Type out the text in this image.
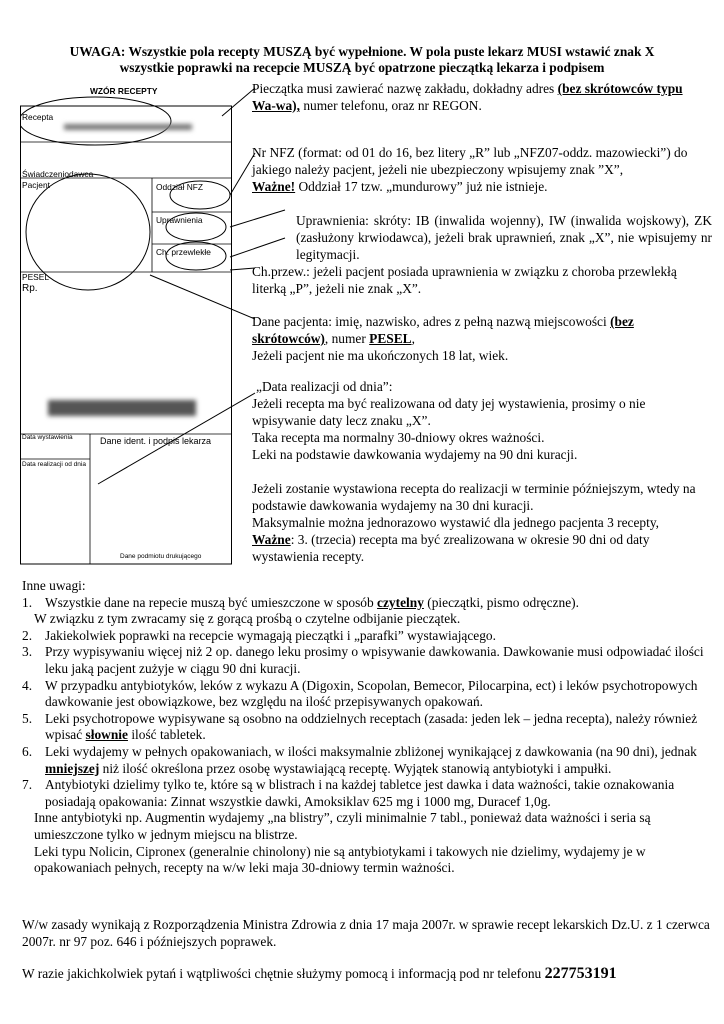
UWAGA: Wszystkie pola recepty MUSZĄ być wypełnione. W pola puste lekarz MUSI wstawić znak X
wszystkie poprawki na recepcie MUSZĄ być opatrzone pieczątką lekarza i podpisem
WZÓR RECEPTY
Recepta
Świadczeniodawca
Pacjent	Oddział NFZ
Uprawnienia
Ch. przewlekłe
PESEL
Rp.
Data wystawienia	Dane ident. i podpis lekarza
Data realizacji od dnia
Dane podmiotu drukującego
Pieczątka musi zawierać nazwę zakładu, dokładny adres (bez skrótowców typu Wa-wa), numer telefonu, oraz nr REGON.
Nr NFZ (format: od 01 do 16, bez litery „R” lub „NFZ07-oddz. mazowiecki”) do jakiego należy pacjent, jeżeli nie ubezpieczony wpisujemy znak ”X”,
Ważne! Oddział 17 tzw. „mundurowy” już nie istnieje.
Uprawnienia: skróty: IB (inwalida wojenny), IW (inwalida wojskowy), ZK (zasłużony krwiodawca), jeżeli brak uprawnień, znak „X”, nie wpisujemy nr legitymacji.
Ch.przew.: jeżeli pacjent posiada uprawnienia w związku z choroba przewlekłą literką „P”, jeżeli nie znak „X”.
Dane pacjenta: imię, nazwisko, adres z pełną nazwą miejscowości (bez skrótowców), numer PESEL,
Jeżeli pacjent nie ma ukończonych 18 lat, wiek.
„Data realizacji od dnia”:
Jeżeli recepta ma być realizowana od daty jej wystawienia, prosimy o nie wpisywanie daty lecz znaku „X”.
Taka recepta ma normalny 30-dniowy okres ważności.
Leki na podstawie dawkowania wydajemy na 90 dni kuracji.
Jeżeli zostanie wystawiona recepta do realizacji w terminie późniejszym, wtedy na podstawie dawkowania wydajemy na 30 dni kuracji.
Maksymalnie można jednorazowo wystawić dla jednego pacjenta 3 recepty,
Ważne: 3. (trzecia) recepta ma być zrealizowana w okresie 90 dni od daty wystawienia recepty.
Inne uwagi:
1. Wszystkie dane na repecie muszą być umieszczone w sposób czytelny (pieczątki, pismo odręczne).
W związku z tym zwracamy się z gorącą prośbą o czytelne odbijanie pieczątek.
2. Jakiekolwiek poprawki na recepcie wymagają pieczątki i „parafki” wystawiającego.
3. Przy wypisywaniu więcej niż 2 op. danego leku prosimy o wpisywanie dawkowania. Dawkowanie musi odpowiadać ilości leku jaką pacjent zużyje w ciągu 90 dni kuracji.
4. W przypadku antybiotyków, leków z wykazu A (Digoxin, Scopolan, Bemecor, Pilocarpina, ect) i leków psychotropowych dawkowanie jest obowiązkowe, bez względu na ilość przepisywanych opakowań.
5. Leki psychotropowe wypisywane są osobno na oddzielnych receptach (zasada: jeden lek – jedna recepta), należy również wpisać słownie ilość tabletek.
6. Leki wydajemy w pełnych opakowaniach, w ilości maksymalnie zbliżonej wynikającej z dawkowania (na 90 dni), jednak mniejszej niż ilość określona przez osobę wystawiającą receptę. Wyjątek stanowią antybiotyki i ampułki.
7. Antybiotyki dzielimy tylko te, które są w blistrach i na każdej tabletce jest dawka i data ważności, takie oznakowania posiadają opakowania: Zinnat wszystkie dawki, Amoksiklav 625 mg i 1000 mg, Duracef 1,0g.
Inne antybiotyki np. Augmentin wydajemy „na blistry”, czyli minimalnie 7 tabl., ponieważ data ważności i seria są umieszczone tylko w jednym miejscu na blistrze.
Leki typu Nolicin, Cipronex (generalnie chinolony) nie są antybiotykami i takowych nie dzielimy, wydajemy je w opakowaniach pełnych, recepty na w/w leki maja 30-dniowy termin ważności.
W/w zasady wynikają z Rozporządzenia Ministra Zdrowia z dnia 17 maja 2007r. w sprawie recept lekarskich Dz.U. z 1 czerwca 2007r. nr 97 poz. 646 i późniejszych poprawek.
W razie jakichkolwiek pytań i wątpliwości chętnie służymy pomocą i informacją pod nr telefonu 227753191
